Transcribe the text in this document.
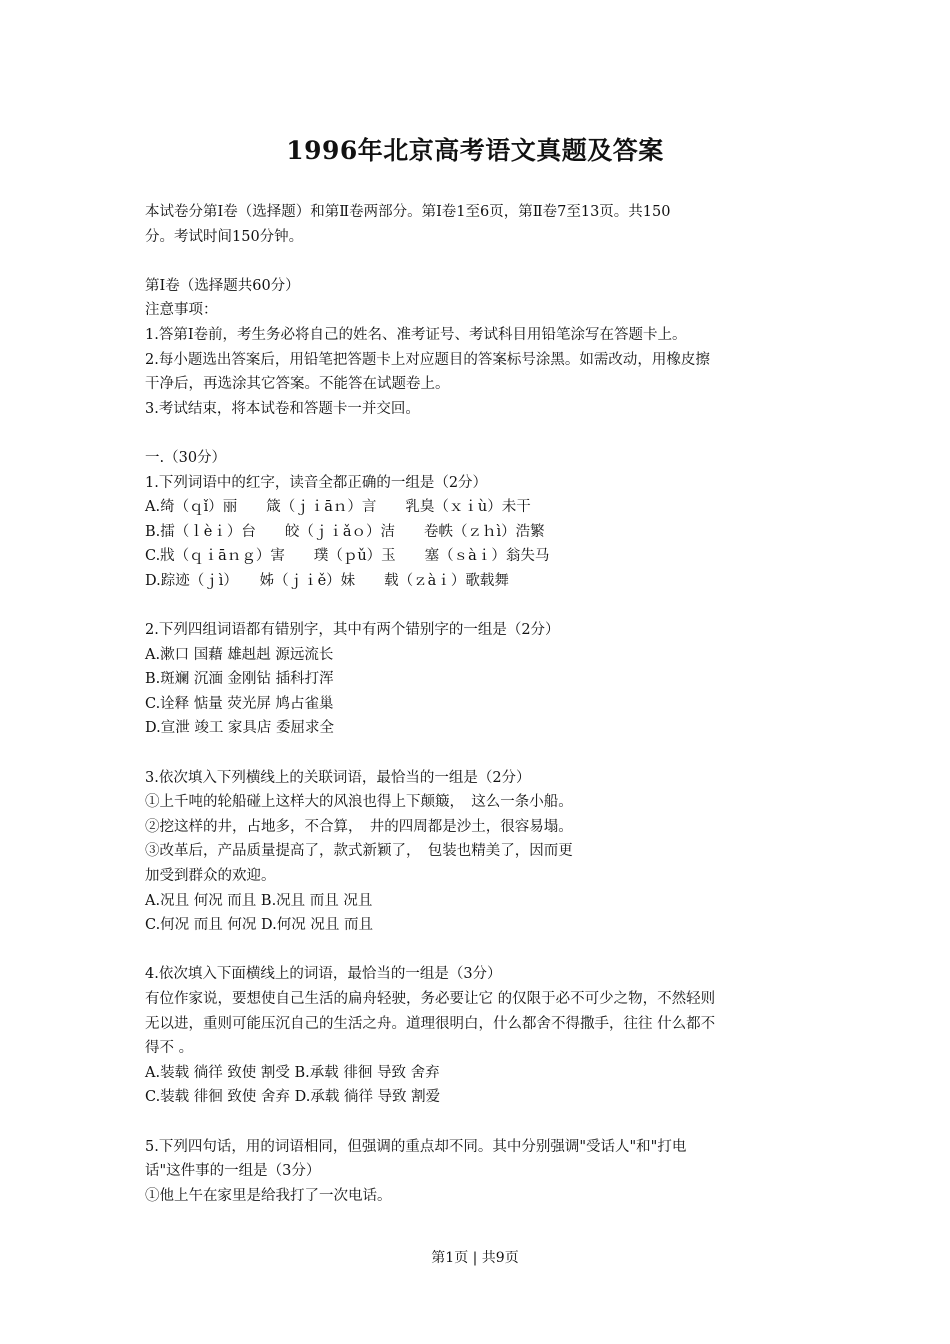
1996年北京高考语文真题及答案

本试卷分第Ⅰ卷（选择题）和第Ⅱ卷两部分。第Ⅰ卷1至6页，第Ⅱ卷7至13页。共150

分。考试时间150分钟。

第Ⅰ卷（选择题共60分）

注意事项：

1.答第Ⅰ卷前，考生务必将自己的姓名、准考证号、考试科目用铅笔涂写在答题卡上。

2.每小题选出答案后，用铅笔把答题卡上对应题目的答案标号涂黑。如需改动，用橡皮擦

干净后，再选涂其它答案。不能答在试题卷上。

3.考试结束，将本试卷和答题卡一并交回。

一.（30分）

1.下列词语中的红字，读音全都正确的一组是（2分）

A.绮（ｑǐ）丽　　箴（ｊｉāｎ）言　　乳臭（ｘｉù）未干

B.擂（ｌèｉ）台　　皎（ｊｉǎｏ）洁　　卷帙（ｚｈì）浩繁

C.戕（ｑｉāｎｇ）害　　璞（ｐǔ）玉　　塞（ｓàｉ）翁失马

D.踪迹（ｊì）　　姊（ｊｉě）妹　　载（ｚàｉ）歌载舞

2.下列四组词语都有错别字，其中有两个错别字的一组是（2分）

A.漱口 国藉 雄赳赳 源远流长

B.斑斓 沉湎 金刚钻 插科打浑

C.诠释 惦量 荧光屏 鸠占雀巢

D.宣泄 竣工 家具店 委屈求全

3.依次填入下列横线上的关联词语，最恰当的一组是（2分）

①上千吨的轮船碰上这样大的风浪也得上下颠簸，　这么一条小船。

②挖这样的井，占地多，不合算，　井的四周都是沙土，很容易塌。

③改革后，产品质量提高了，款式新颖了，　包装也精美了，因而更

加受到群众的欢迎。

A.况且 何况 而且 B.况且 而且 况且

C.何况 而且 何况 D.何况 况且 而且

4.依次填入下面横线上的词语，最恰当的一组是（3分）

有位作家说，要想使自己生活的扁舟轻驶，务必要让它 的仅限于必不可少之物，不然轻则

无以进，重则可能压沉自己的生活之舟。道理很明白，什么都舍不得撒手，往往 什么都不

得不 。

A.装载 徜徉 致使 割受 B.承载 徘徊 导致 舍弃

C.装载 徘徊 致使 舍弃 D.承载 徜徉 导致 割爱

5.下列四句话，用的词语相同，但强调的重点却不同。其中分别强调"受话人"和"打电

话"这件事的一组是（3分）

①他上午在家里是给我打了一次电话。

第1页 | 共9页
